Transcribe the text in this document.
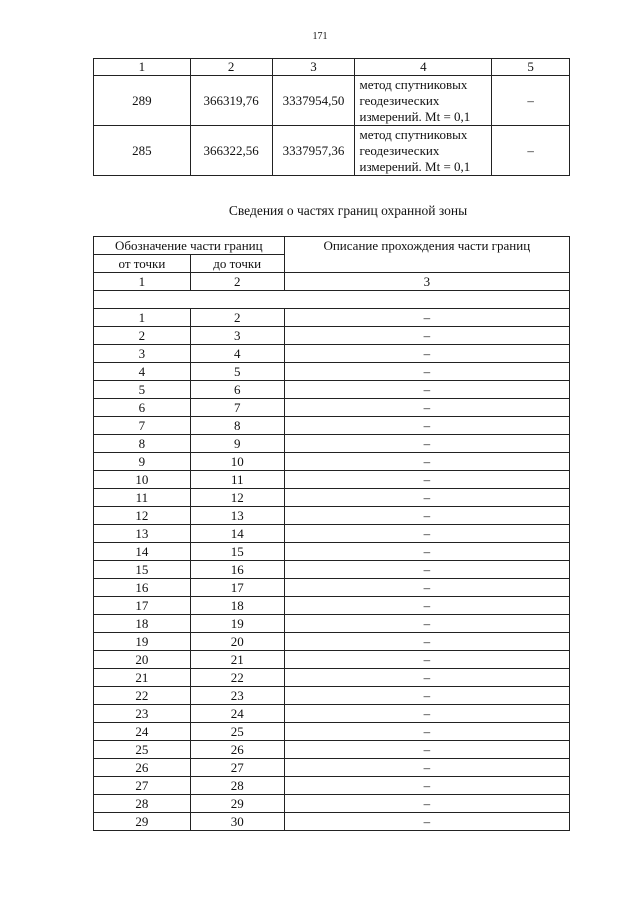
171
1	2	3	4	5
289	366319,76	3337954,50	метод спутниковых
геодезических
измерений. Mt = 0,1	–
285	366322,56	3337957,36	метод спутниковых
геодезических
измерений. Mt = 0,1	–
Сведения о частях границ охранной зоны
Обозначение части границ		Описание прохождения части границ
от точки	до точки	
1	2	3

1	2	–
2	3	–
3	4	–
4	5	–
5	6	–
6	7	–
7	8	–
8	9	–
9	10	–
10	11	–
11	12	–
12	13	–
13	14	–
14	15	–
15	16	–
16	17	–
17	18	–
18	19	–
19	20	–
20	21	–
21	22	–
22	23	–
23	24	–
24	25	–
25	26	–
26	27	–
27	28	–
28	29	–
29	30	–
